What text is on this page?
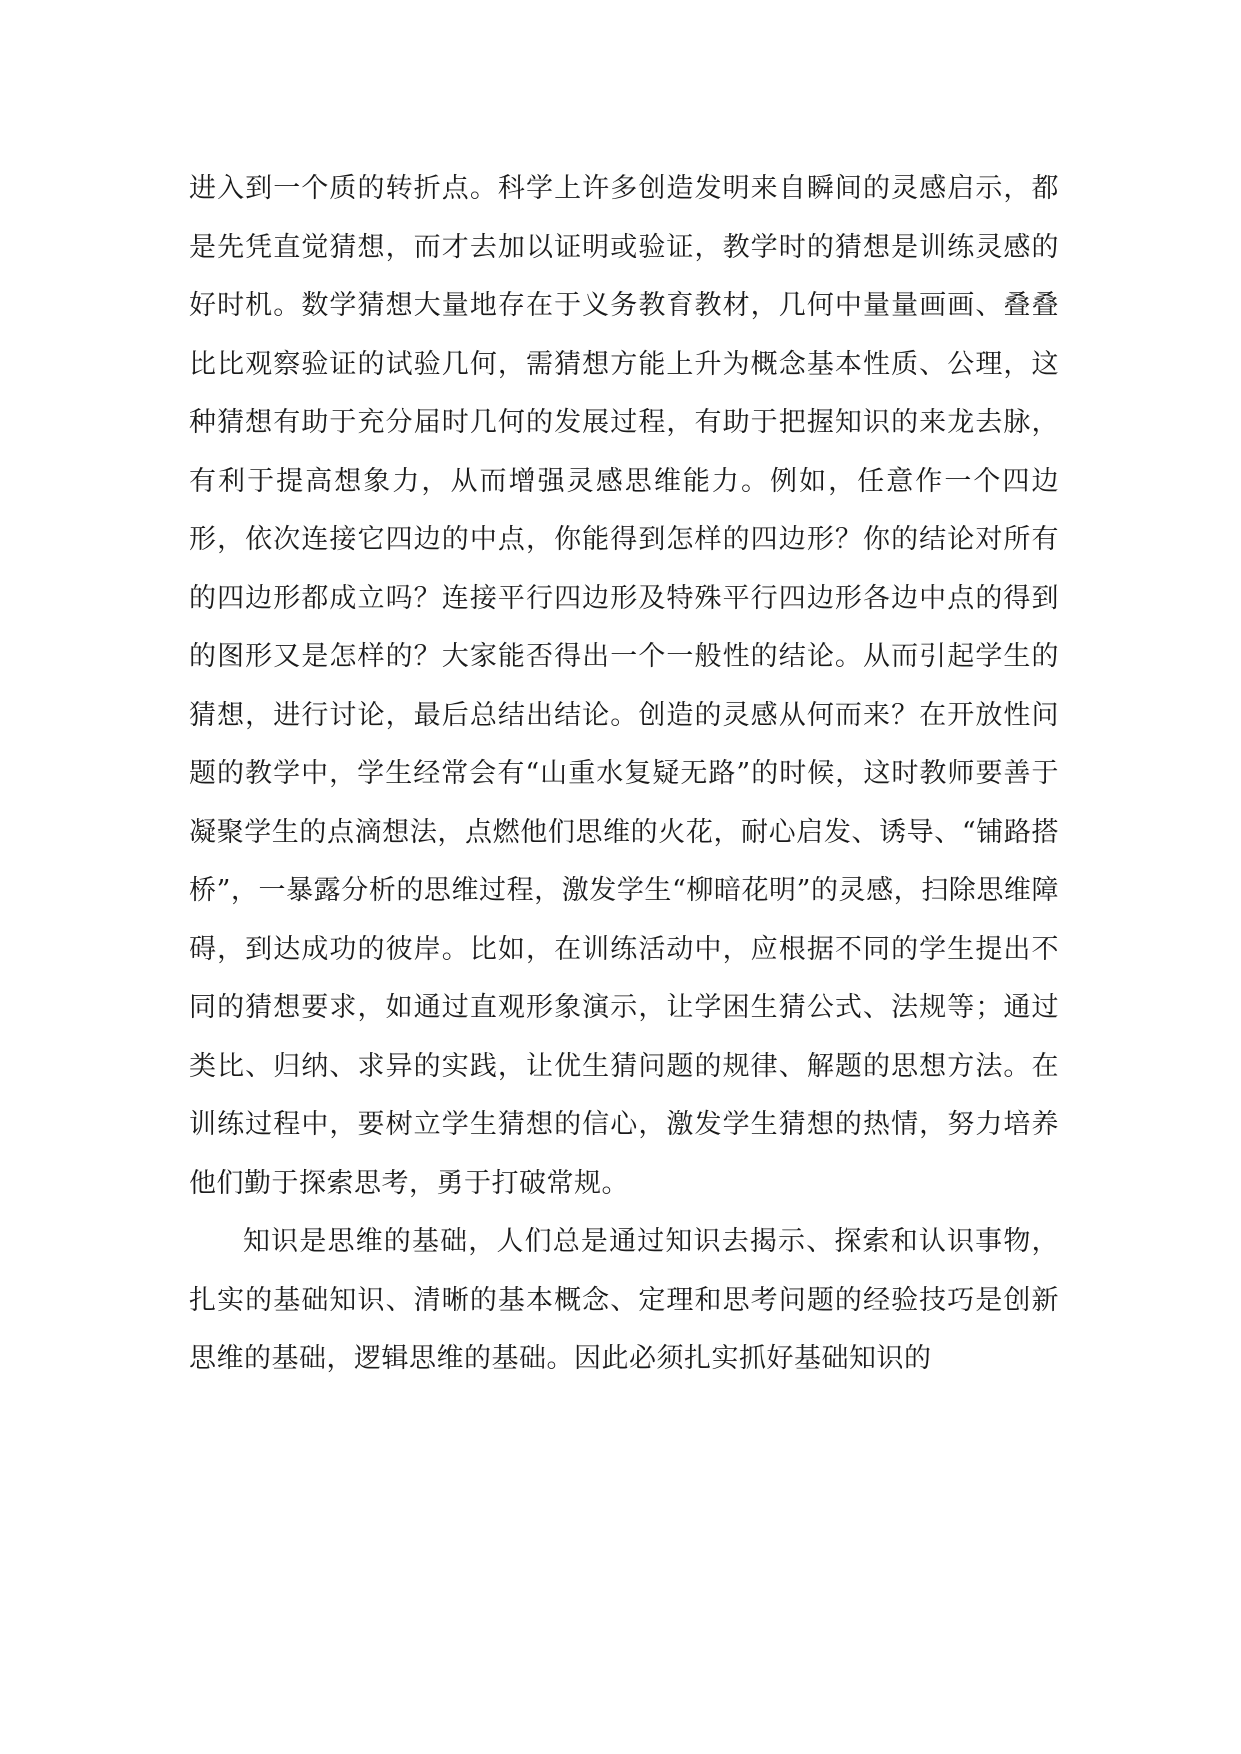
进入到一个质的转折点。科学上许多创造发明来自瞬间的灵感启示，都是先凭直觉猜想，而才去加以证明或验证，教学时的猜想是训练灵感的好时机。数学猜想大量地存在于义务教育教材，几何中量量画画、叠叠比比观察验证的试验几何，需猜想方能上升为概念基本性质、公理，这种猜想有助于充分届时几何的发展过程，有助于把握知识的来龙去脉，有利于提高想象力，从而增强灵感思维能力。例如，任意作一个四边形，依次连接它四边的中点，你能得到怎样的四边形？你的结论对所有的四边形都成立吗？连接平行四边形及特殊平行四边形各边中点的得到的图形又是怎样的？大家能否得出一个一般性的结论。从而引起学生的猜想，进行讨论，最后总结出结论。创造的灵感从何而来？在开放性问题的教学中，学生经常会有“山重水复疑无路”的时候，这时教师要善于凝聚学生的点滴想法，点燃他们思维的火花，耐心启发、诱导、“铺路搭桥”，一暴露分析的思维过程，激发学生“柳暗花明”的灵感，扫除思维障碍，到达成功的彼岸。比如，在训练活动中，应根据不同的学生提出不同的猜想要求，如通过直观形象演示，让学困生猜公式、法规等；通过类比、归纳、求异的实践，让优生猜问题的规律、解题的思想方法。在训练过程中，要树立学生猜想的信心，激发学生猜想的热情，努力培养他们勤于探索思考，勇于打破常规。

知识是思维的基础，人们总是通过知识去揭示、探索和认识事物，扎实的基础知识、清晰的基本概念、定理和思考问题的经验技巧是创新思维的基础，逻辑思维的基础。因此必须扎实抓好基础知识的
